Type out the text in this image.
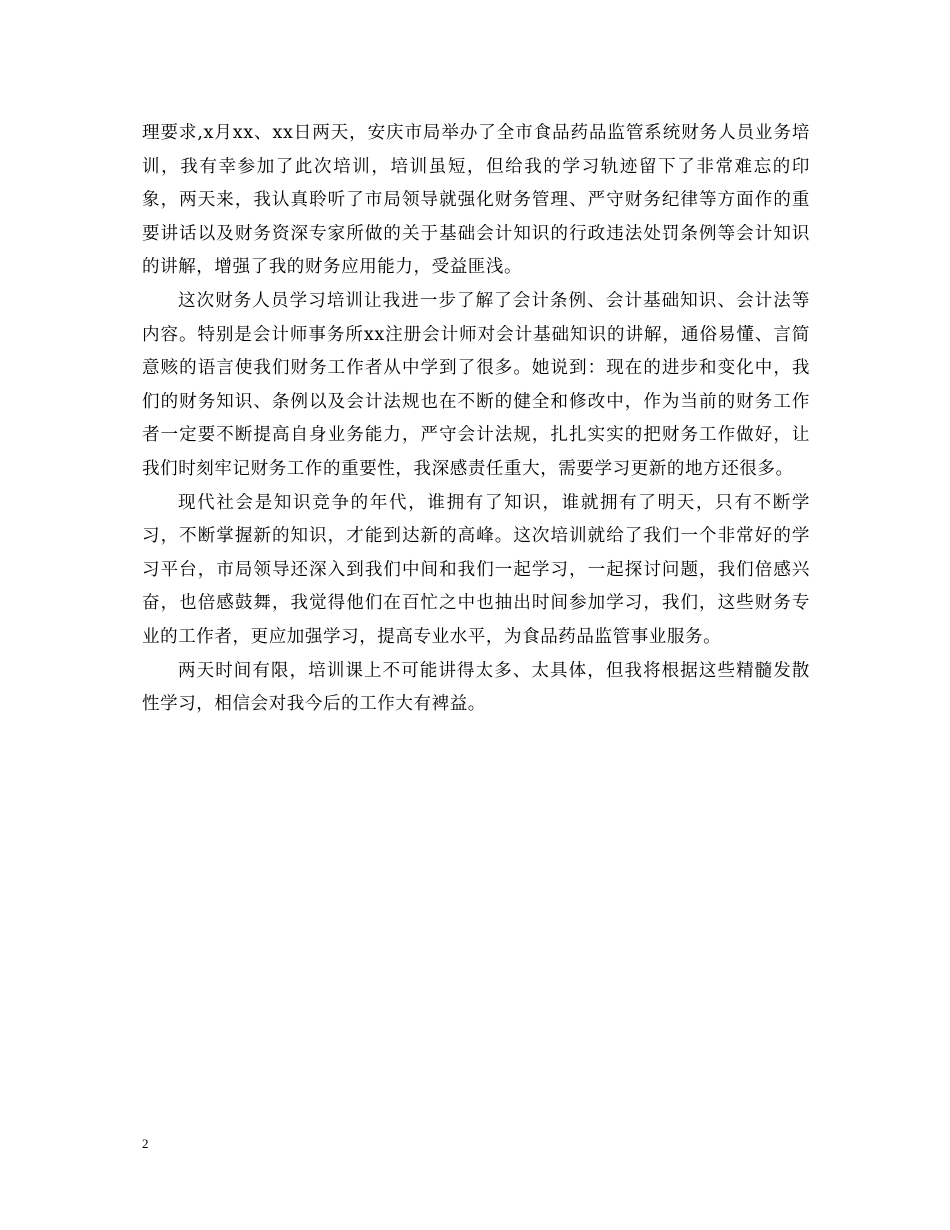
理要求,x月xx、xx日两天，安庆市局举办了全市食品药品监管系统财务人员业务培训，我有幸参加了此次培训，培训虽短，但给我的学习轨迹留下了非常难忘的印象，两天来，我认真聆听了市局领导就强化财务管理、严守财务纪律等方面作的重要讲话以及财务资深专家所做的关于基础会计知识的行政违法处罚条例等会计知识的讲解，增强了我的财务应用能力，受益匪浅。

这次财务人员学习培训让我进一步了解了会计条例、会计基础知识、会计法等内容。特别是会计师事务所xx注册会计师对会计基础知识的讲解，通俗易懂、言简意赅的语言使我们财务工作者从中学到了很多。她说到：现在的进步和变化中，我们的财务知识、条例以及会计法规也在不断的健全和修改中，作为当前的财务工作者一定要不断提高自身业务能力，严守会计法规，扎扎实实的把财务工作做好，让我们时刻牢记财务工作的重要性，我深感责任重大，需要学习更新的地方还很多。

现代社会是知识竞争的年代，谁拥有了知识，谁就拥有了明天，只有不断学习，不断掌握新的知识，才能到达新的高峰。这次培训就给了我们一个非常好的学习平台，市局领导还深入到我们中间和我们一起学习，一起探讨问题，我们倍感兴奋，也倍感鼓舞，我觉得他们在百忙之中也抽出时间参加学习，我们，这些财务专业的工作者，更应加强学习，提高专业水平，为食品药品监管事业服务。

两天时间有限，培训课上不可能讲得太多、太具体，但我将根据这些精髓发散性学习，相信会对我今后的工作大有裨益。

2
